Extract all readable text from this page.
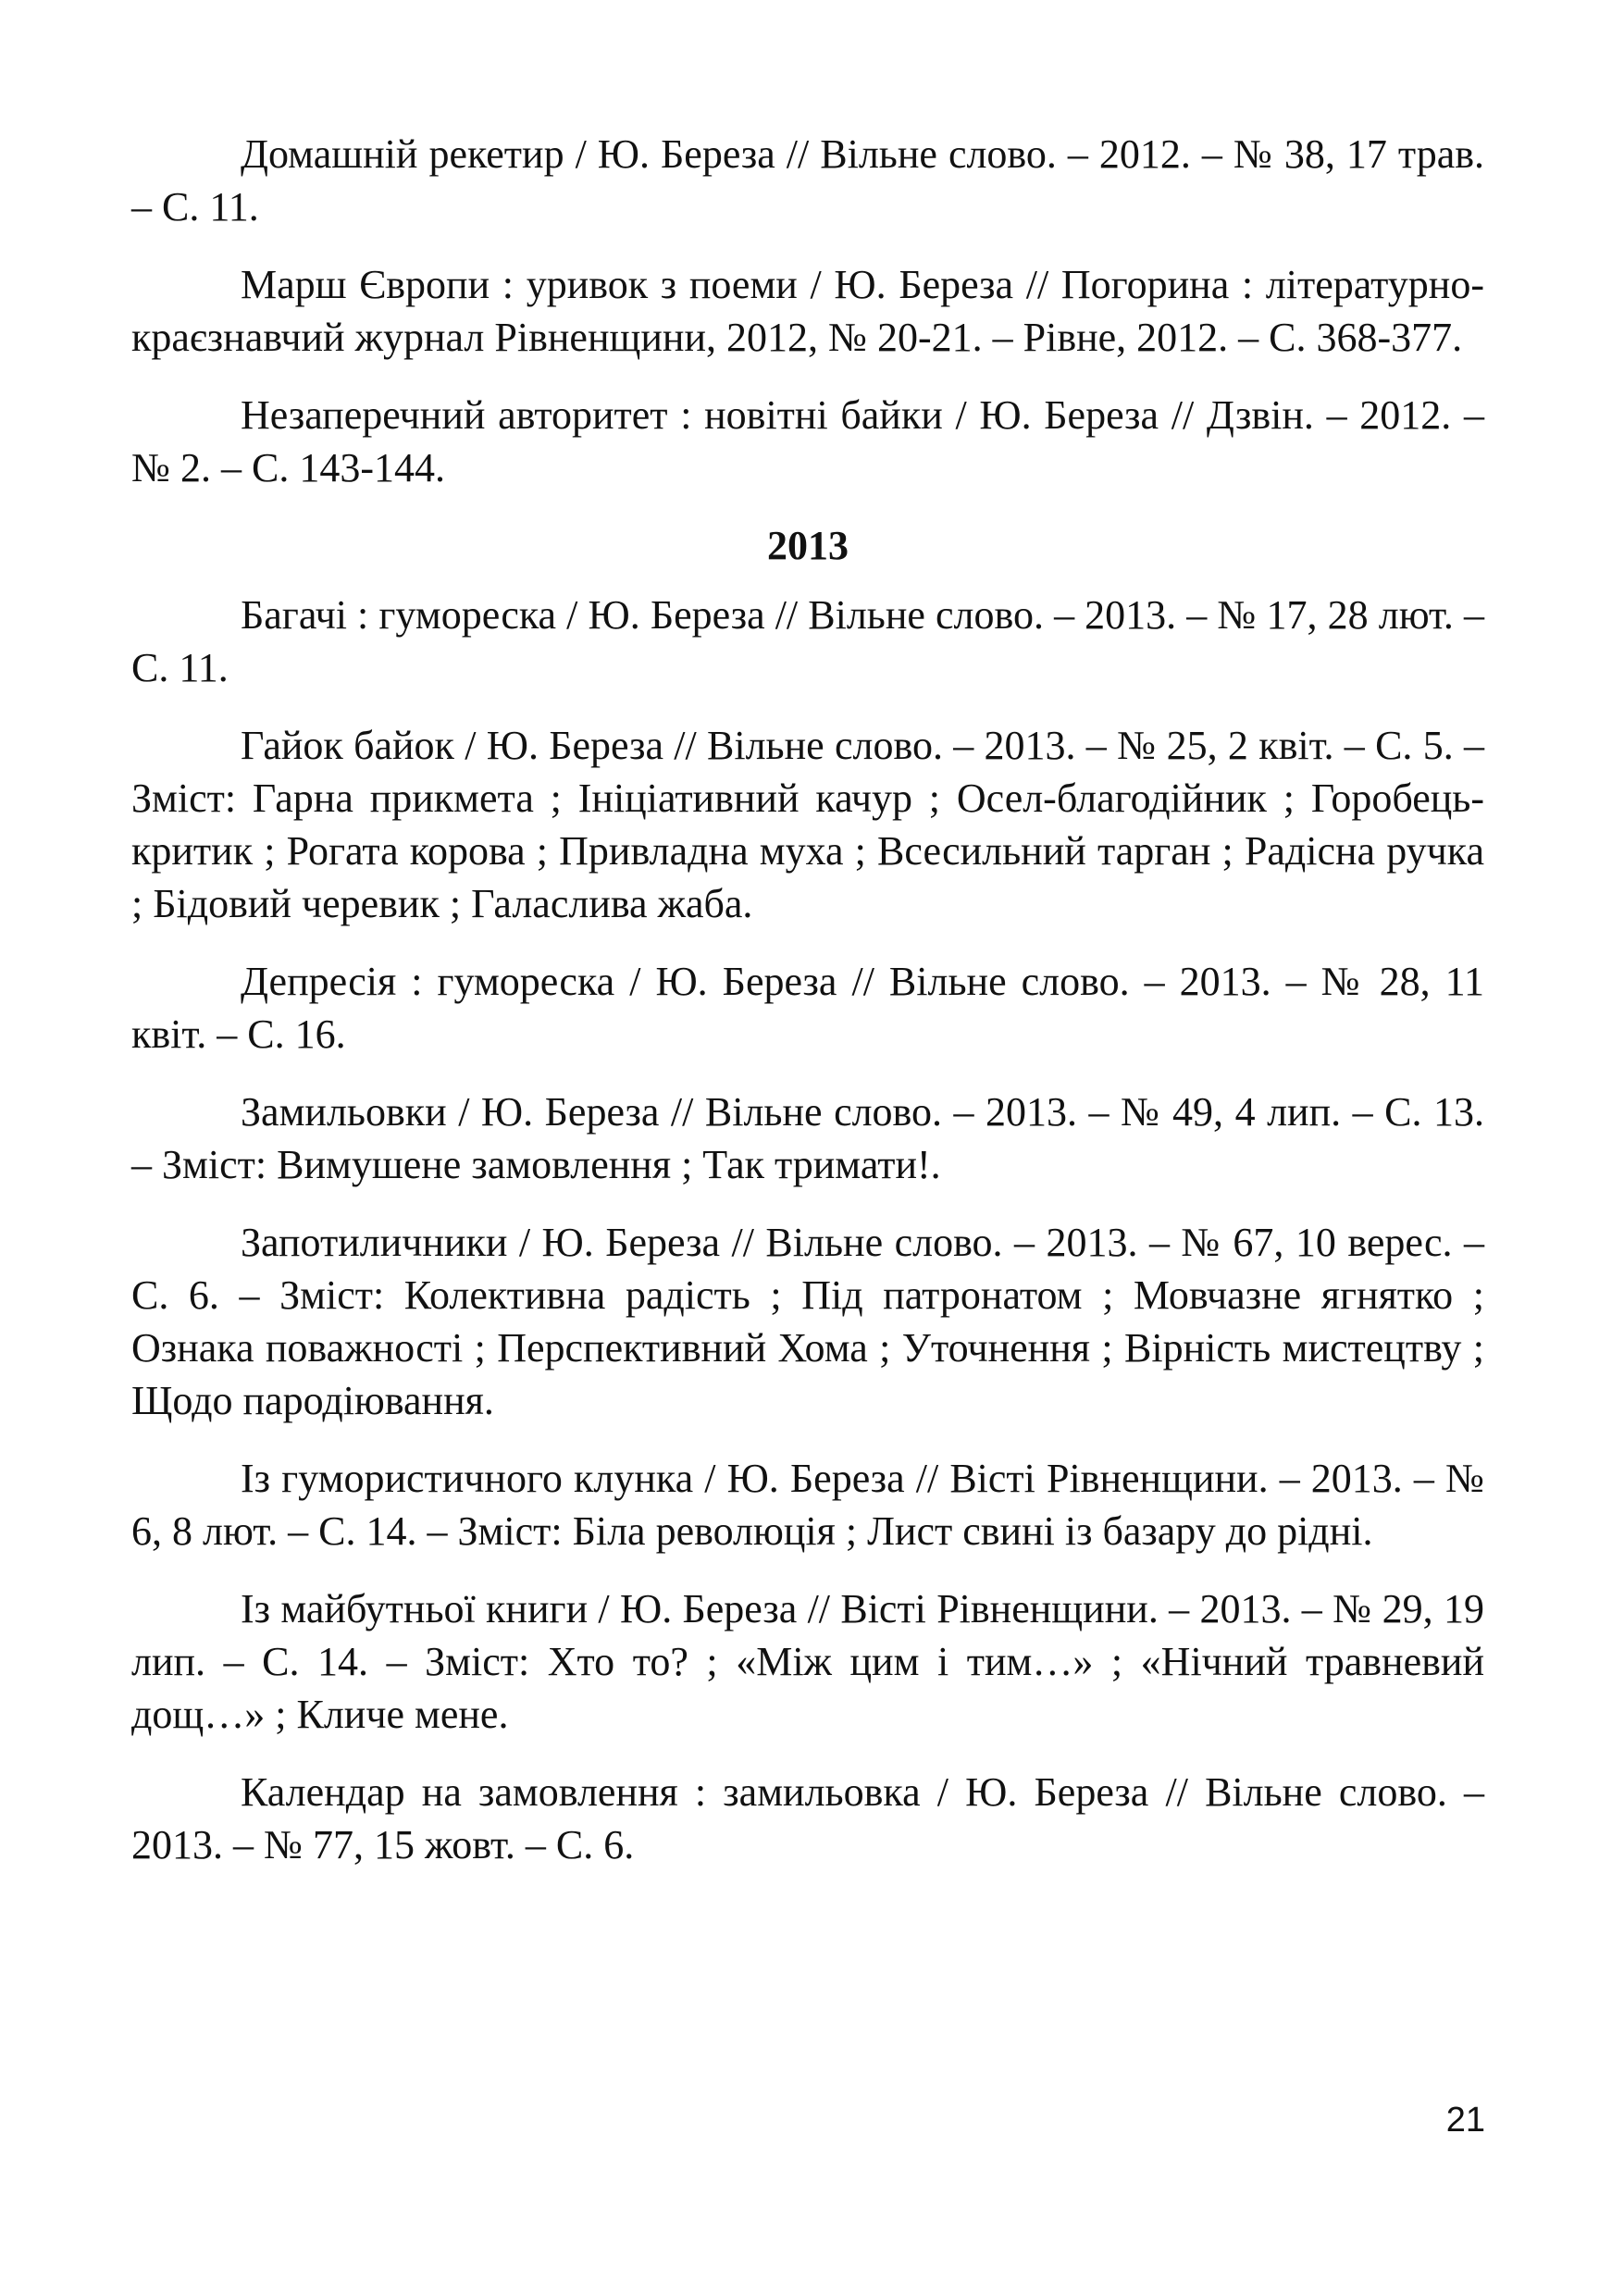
Домашній рекетир / Ю. Береза // Вільне слово. – 2012. – № 38, 17 трав. – С. 11.

Марш Європи : уривок з поеми / Ю. Береза // Погорина : літературно-краєзнавчий журнал Рівненщини, 2012, № 20-21. – Рівне, 2012. – С. 368-377.

Незаперечний авторитет : новітні байки / Ю. Береза // Дзвін. – 2012. – № 2. – С. 143-144.

2013

Багачі : гумореска / Ю. Береза // Вільне слово. – 2013. – № 17, 28 лют. – С. 11.

Гайок байок / Ю. Береза // Вільне слово. – 2013. – № 25, 2 квіт. – С. 5. – Зміст: Гарна прикмета ; Ініціативний качур ; Осел-благодійник ; Горобець-критик ; Рогата корова ; Привладна муха ; Всесильний тарган ; Радісна ручка ; Бідовий черевик ; Галаслива жаба.

Депресія : гумореска / Ю. Береза // Вільне слово. – 2013. – № 28, 11 квіт. – С. 16.

Замильовки / Ю. Береза // Вільне слово. – 2013. – № 49, 4 лип. – С. 13. – Зміст: Вимушене замовлення ; Так тримати!.

Запотиличники / Ю. Береза // Вільне слово. – 2013. – № 67, 10 верес. – С. 6. – Зміст: Колективна радість ; Під патронатом ; Мовчазне ягнятко ; Ознака поважності ; Перспективний Хома ; Уточнення ; Вірність мистецтву ; Щодо пародіювання.

Із гумористичного клунка / Ю. Береза // Вісті Рівненщини. – 2013. – № 6, 8 лют. – С. 14. – Зміст: Біла революція ; Лист свині із базару до рідні.

Із майбутньої книги / Ю. Береза // Вісті Рівненщини. – 2013. – № 29, 19 лип. – С. 14. – Зміст: Хто то? ; «Між цим і тим…» ; «Нічний травневий дощ…» ; Кличе мене.

Календар на замовлення : замильовка / Ю. Береза // Вільне слово. – 2013. – № 77, 15 жовт. – С. 6.

21
